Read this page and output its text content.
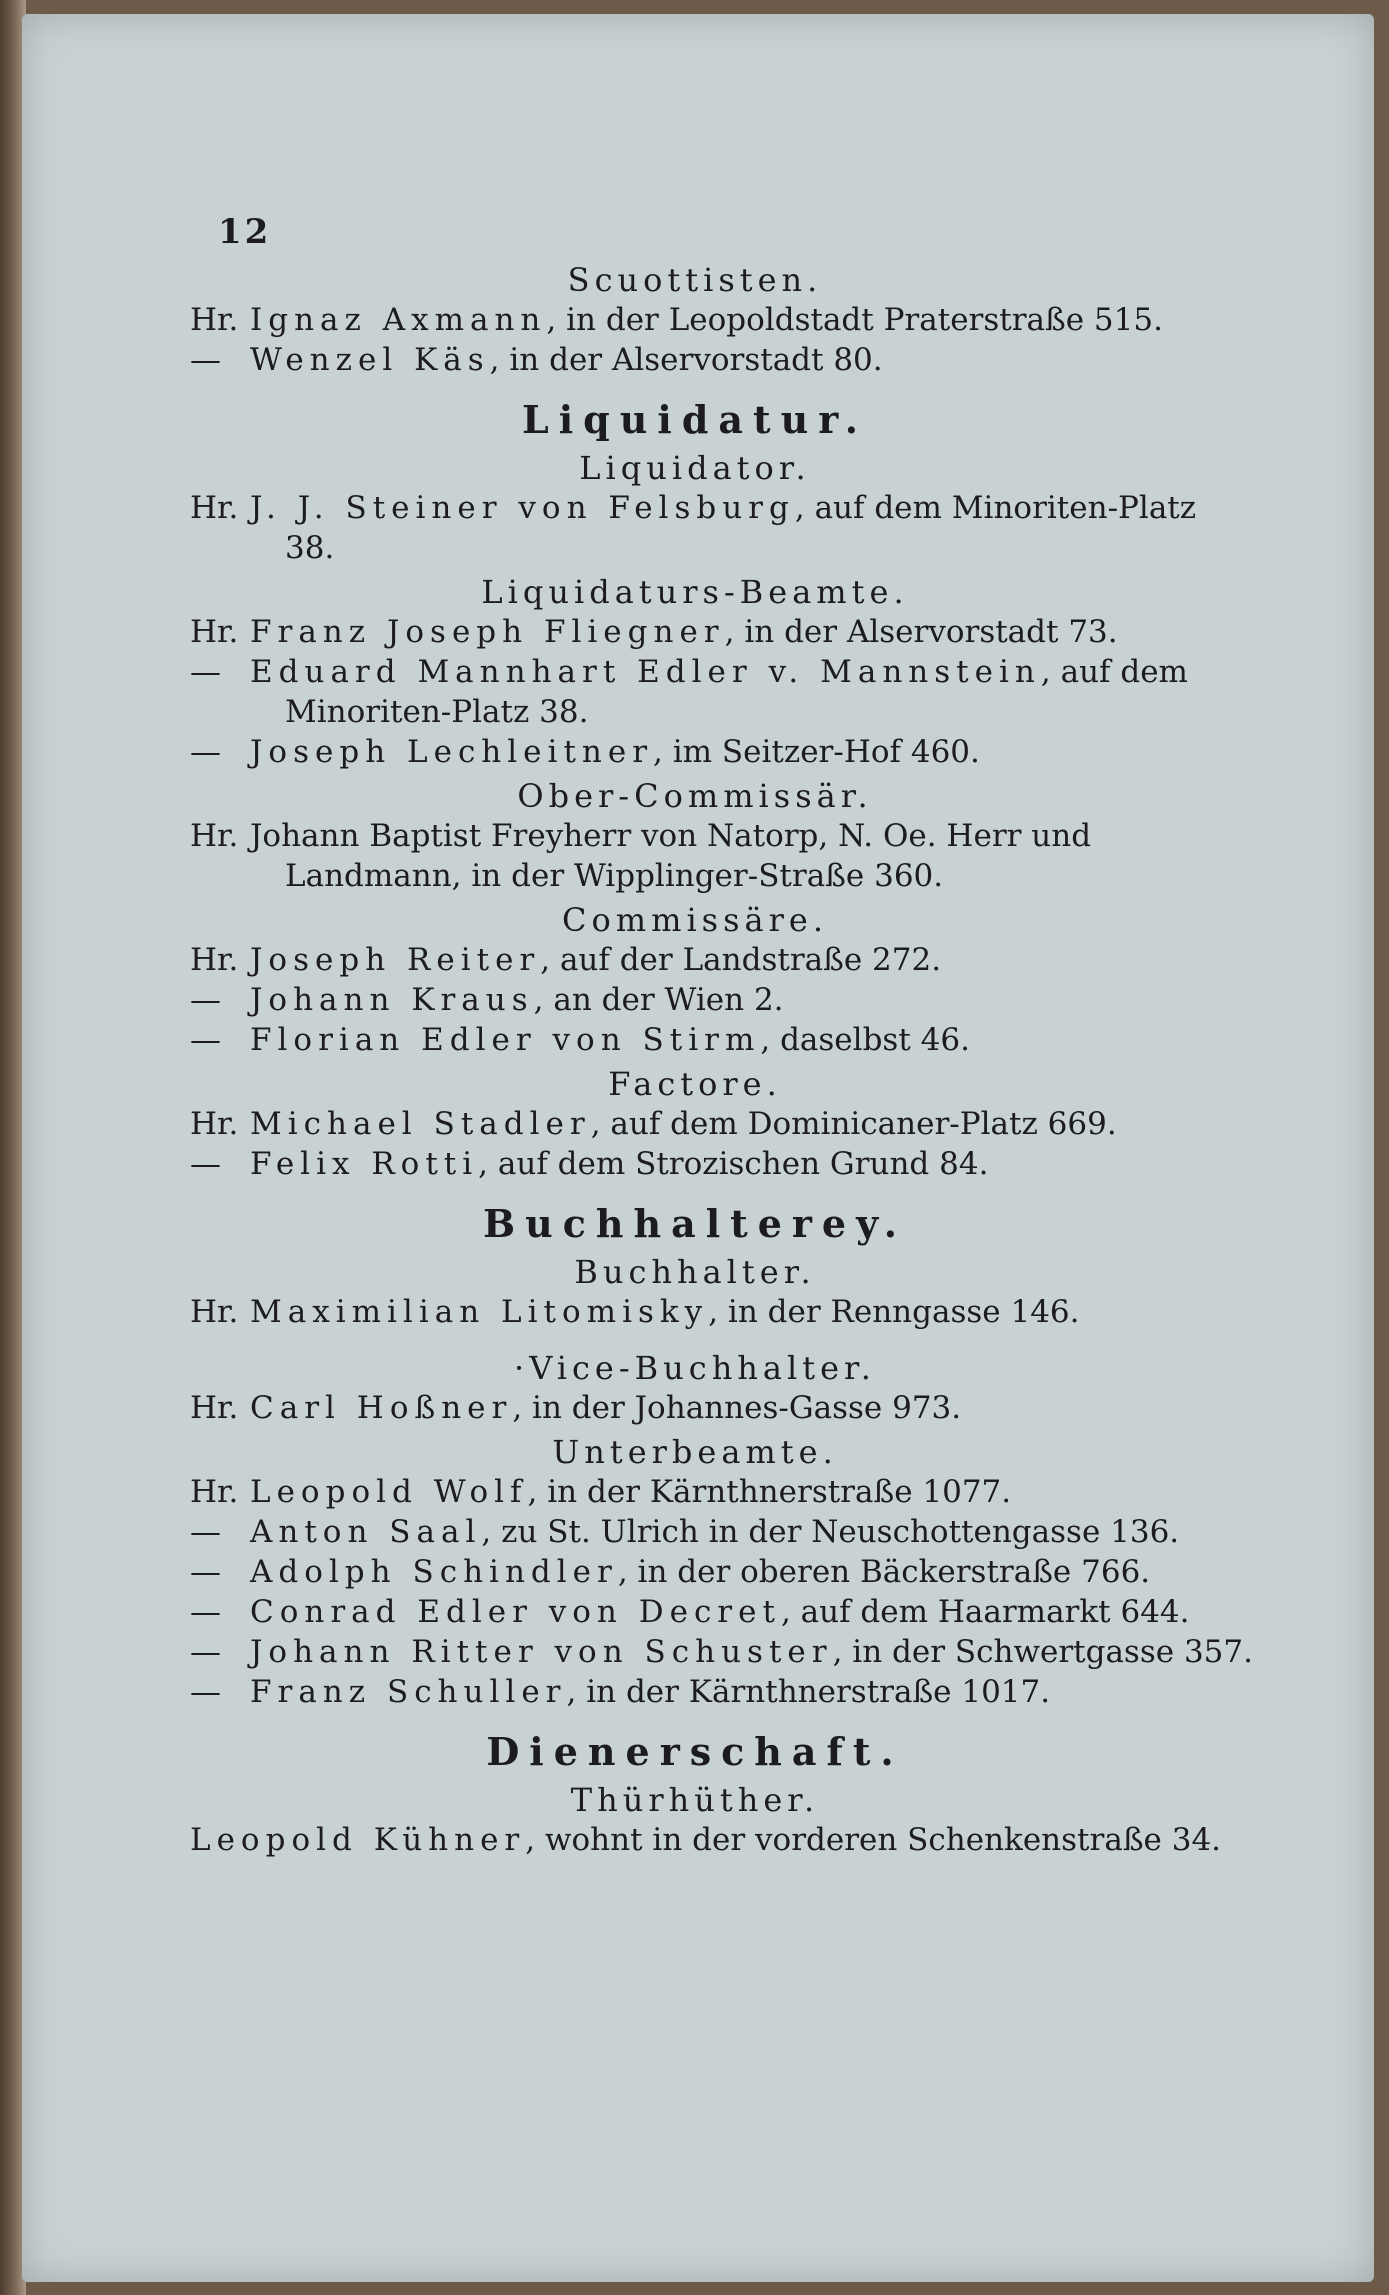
12
Scuottisten.
Hr. Ignaz Axmann, in der Leopoldstadt Praterstraße 515.
— Wenzel Käs, in der Alservorstadt 80.
Liquidatur.
Liquidator.
Hr. J. J. Steiner von Felsburg, auf dem Minoriten-Platz 38.
Liquidaturs-Beamte.
Hr. Franz Joseph Fliegner, in der Alservorstadt 73.
— Eduard Mannhart Edler v. Mannstein, auf dem Minoriten-Platz 38.
— Joseph Lechleitner, im Seitzer-Hof 460.
Ober-Commissär.
Hr. Johann Baptist Freyherr von Natorp, N. Oe. Herr und Landmann, in der Wipplinger-Straße 360.
Commissäre.
Hr. Joseph Reiter, auf der Landstraße 272.
— Johann Kraus, an der Wien 2.
— Florian Edler von Stirm, daselbst 46.
Factore.
Hr. Michael Stadler, auf dem Dominicaner-Platz 669.
— Felix Rotti, auf dem Strozischen Grund 84.
Buchhalterey.
Buchhalter.
Hr. Maximilian Litomisky, in der Renngasse 146.
·Vice-Buchhalter.
Hr. Carl Hoßner, in der Johannes-Gasse 973.
Unterbeamte.
Hr. Leopold Wolf, in der Kärnthnerstraße 1077.
— Anton Saal, zu St. Ulrich in der Neuschottengasse 136.
— Adolph Schindler, in der oberen Bäckerstraße 766.
— Conrad Edler von Decret, auf dem Haarmarkt 644.
— Johann Ritter von Schuster, in der Schwertgasse 357.
— Franz Schuller, in der Kärnthnerstraße 1017.
Dienerschaft.
Thürhüther.
Leopold Kühner, wohnt in der vorderen Schenkenstraße 34.
